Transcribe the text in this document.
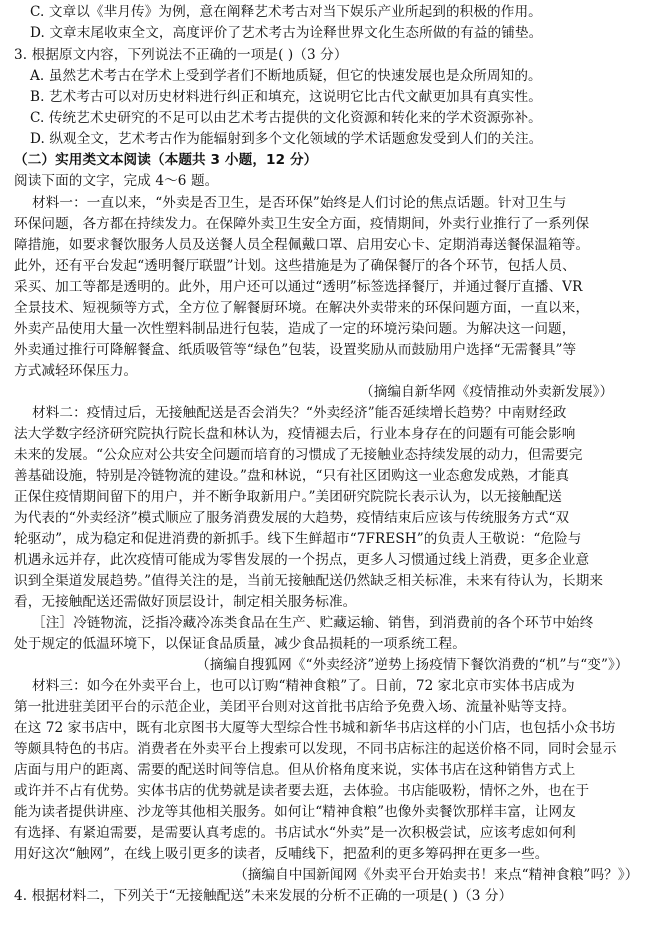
C. 文章以《芈月传》为例，意在阐释艺术考古对当下娱乐产业所起到的积极的作用。
D. 文章末尾收束全文，高度评价了艺术考古为诠释世界文化生态所做的有益的铺垫。
3. 根据原文内容，下列说法不正确的一项是( )（3 分）
A. 虽然艺术考古在学术上受到学者们不断地质疑，但它的快速发展也是众所周知的。
B. 艺术考古可以对历史材料进行纠正和填充，这说明它比古代文献更加具有真实性。
C. 传统艺术史研究的不足可以由艺术考古提供的文化资源和转化来的学术资源弥补。
D. 纵观全文，艺术考古作为能辐射到多个文化领域的学术话题愈发受到人们的关注。
（二）实用类文本阅读（本题共 3 小题，12 分）
阅读下面的文字，完成 4～6 题。
材料一：一直以来，“外卖是否卫生，是否环保”始终是人们讨论的焦点话题。针对卫生与
环保问题，各方都在持续发力。在保障外卖卫生安全方面，疫情期间，外卖行业推行了一系列保
障措施，如要求餐饮服务人员及送餐人员全程佩戴口罩、启用安心卡、定期消毒送餐保温箱等。
此外，还有平台发起“透明餐厅联盟”计划。这些措施是为了确保餐厅的各个环节，包括人员、
采买、加工等都是透明的。此外，用户还可以通过“透明”标签选择餐厅，并通过餐厅直播、VR
全景技术、短视频等方式，全方位了解餐厨环境。在解决外卖带来的环保问题方面，一直以来，
外卖产品使用大量一次性塑料制品进行包装，造成了一定的环境污染问题。为解决这一问题，
外卖通过推行可降解餐盒、纸质吸管等“绿色”包装，设置奖励从而鼓励用户选择“无需餐具”等
方式减轻环保压力。
（摘编自新华网《疫情推动外卖新发展》）
材料二：疫情过后，无接触配送是否会消失？“外卖经济”能否延续增长趋势？中南财经政
法大学数字经济研究院执行院长盘和林认为，疫情褪去后，行业本身存在的问题有可能会影响
未来的发展。“公众应对公共安全问题而培育的习惯成了无接触业态持续发展的动力，但需要完
善基础设施，特别是冷链物流的建设。”盘和林说，“只有社区团购这一业态愈发成熟，才能真
正保住疫情期间留下的用户，并不断争取新用户。”美团研究院院长表示认为，以无接触配送
为代表的“外卖经济”模式顺应了服务消费发展的大趋势，疫情结束后应该与传统服务方式“双
轮驱动”，成为稳定和促进消费的新抓手。线下生鲜超市“7FRESH”的负责人王敬说：“危险与
机遇永远并存，此次疫情可能成为零售发展的一个拐点，更多人习惯通过线上消费，更多企业意
识到全渠道发展趋势。”值得关注的是，当前无接触配送仍然缺乏相关标准，未来有待认为，长期来
看，无接触配送还需做好顶层设计，制定相关服务标准。
［注］冷链物流，泛指冷藏冷冻类食品在生产、贮藏运输、销售，到消费前的各个环节中始终
处于规定的低温环境下，以保证食品质量，减少食品损耗的一项系统工程。
（摘编自搜狐网《“外卖经济”逆势上扬疫情下餐饮消费的“机”与“变”》）
材料三：如今在外卖平台上，也可以订购“精神食粮”了。日前，72 家北京市实体书店成为
第一批进驻美团平台的示范企业，美团平台则对这首批书店给予免费入场、流量补贴等支持。
在这 72 家书店中，既有北京图书大厦等大型综合性书城和新华书店这样的小门店，也包括小众书坊
等颇具特色的书店。消费者在外卖平台上搜索可以发现，不同书店标注的起送价格不同，同时会显示
店面与用户的距离、需要的配送时间等信息。但从价格角度来说，实体书店在这种销售方式上
或许并不占有优势。实体书店的优势就是读者要去逛，去体验。书店能吸粉，情怀之外，也在于
能为读者提供讲座、沙龙等其他相关服务。如何让“精神食粮”也像外卖餐饮那样丰富，让网友
有选择、有紧迫需要，是需要认真考虑的。书店试水“外卖”是一次积极尝试，应该考虑如何利
用好这次“触网”，在线上吸引更多的读者，反哺线下，把盈利的更多筹码押在更多一些。
（摘编自中国新闻网《外卖平台开始卖书！来点“精神食粮”吗？》）
4. 根据材料二，下列关于“无接触配送”未来发展的分析不正确的一项是( )（3 分）
